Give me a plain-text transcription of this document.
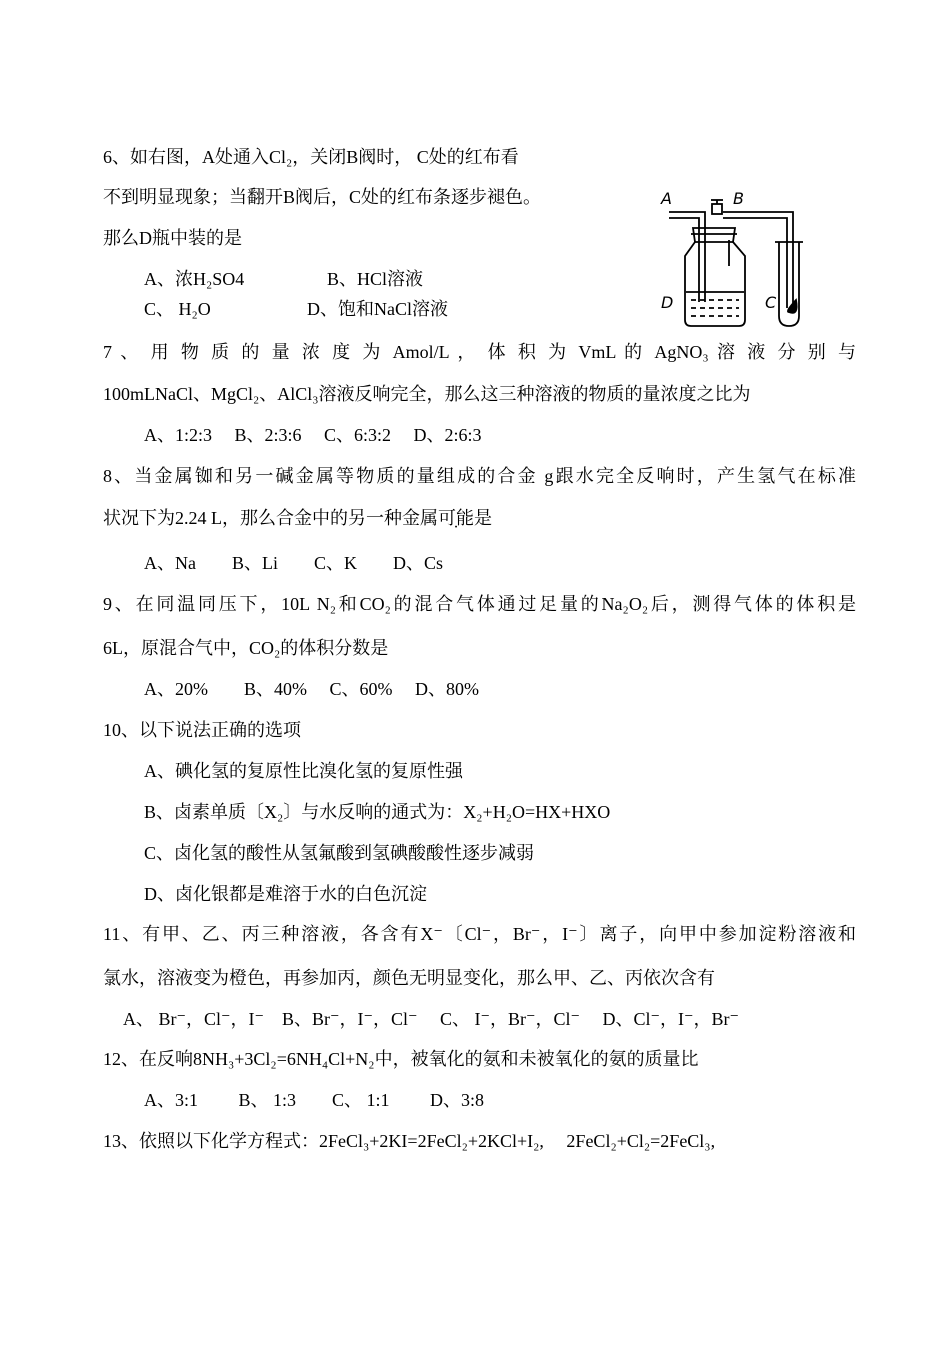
6、如右图，A处通入Cl₂，关闭B阀时， C处的红布看
不到明显现象；当翻开B阀后，C处的红布条逐步褪色。
那么D瓶中装的是
A、浓H₂SO4	B、HCl溶液
C、 H₂O	D、饱和NaCl溶液
A	B
D	C
7 、 用 物 质 的 量 浓 度 为 Amol/L ， 体 积 为 VmL 的 AgNO₃ 溶 液 分 别 与
100mLNaCl、MgCl₂、AlCl₃溶液反响完全，那么这三种溶液的物质的量浓度之比为
A、1:2:3　 B、2:3:6　 C、6:3:2　 D、2:6:3
8、当金属铷和另一碱金属等物质的量组成的合金 g跟水完全反响时，产生氢气在标准
状况下为2.24 L，那么合金中的另一种金属可能是
A、Na　　B、Li　　C、K　　D、Cs
9、在同温同压下，10L N₂和CO₂的混合气体通过足量的Na₂O₂后，测得气体的体积是
6L，原混合气中，CO₂的体积分数是
A、20%　　B、40%　 C、60%　 D、80%
10、以下说法正确的选项
A、碘化氢的复原性比溴化氢的复原性强
B、卤素单质〔X₂〕与水反响的通式为：X₂+H₂O=HX+HXO
C、卤化氢的酸性从氢氟酸到氢碘酸酸性逐步减弱
D、卤化银都是难溶于水的白色沉淀
11、有甲、乙、丙三种溶液，各含有X⁻〔Cl⁻，Br⁻，I⁻〕离子，向甲中参加淀粉溶液和
氯水，溶液变为橙色，再参加丙，颜色无明显变化，那么甲、乙、丙依次含有
A、 Br⁻，Cl⁻，I⁻　B、Br⁻，I⁻，Cl⁻　 C、 I⁻，Br⁻，Cl⁻　 D、Cl⁻，I⁻，Br⁻
12、在反响8NH₃+3Cl₂=6NH₄Cl+N₂中，被氧化的氨和未被氧化的氨的质量比
A、3:1　　 B、 1:3　　C、 1:1　　 D、3:8
13、依照以下化学方程式：2FeCl₃+2KI=2FeCl₂+2KCl+I₂,　 2FeCl₂+Cl₂=2FeCl₃,
